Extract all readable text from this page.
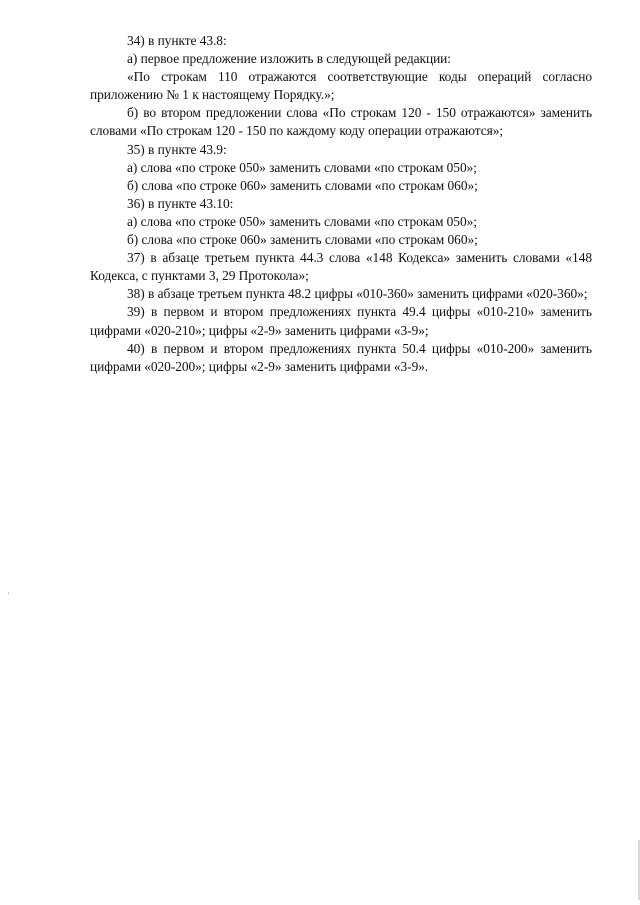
34) в пункте 43.8:

а) первое предложение изложить в следующей редакции:

«По строкам 110 отражаются соответствующие коды операций согласно приложению № 1 к настоящему Порядку.»;

б) во втором предложении слова «По строкам 120 - 150 отражаются» заменить словами «По строкам 120 - 150 по каждому коду операции отражаются»;

35) в пункте 43.9:

а) слова «по строке 050» заменить словами «по строкам 050»;

б) слова «по строке 060» заменить словами «по строкам 060»;

36) в пункте 43.10:

а) слова «по строке 050» заменить словами «по строкам 050»;

б) слова «по строке 060» заменить словами «по строкам 060»;

37) в абзаце третьем пункта 44.3 слова «148 Кодекса» заменить словами «148 Кодекса, с пунктами 3, 29 Протокола»;

38) в абзаце третьем пункта 48.2 цифры «010-360» заменить цифрами «020-360»;

39) в первом и втором предложениях пункта 49.4 цифры «010-210» заменить цифрами «020-210»; цифры «2-9» заменить цифрами «3-9»;

40) в первом и втором предложениях пункта 50.4 цифры «010-200» заменить цифрами «020-200»; цифры «2-9» заменить цифрами «3-9».
